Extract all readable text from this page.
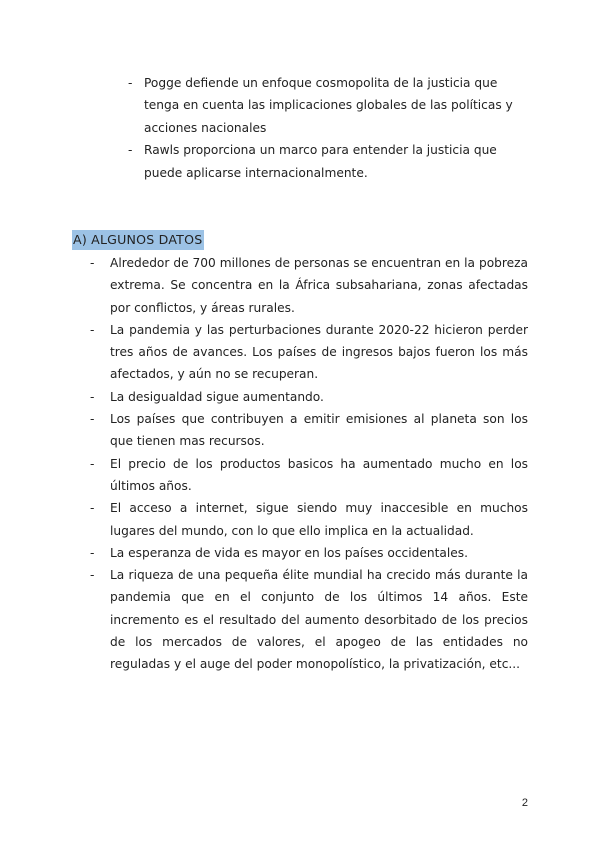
- Pogge defiende un enfoque cosmopolita de la justicia que tenga en cuenta las implicaciones globales de las políticas y acciones nacionales
- Rawls proporciona un marco para entender la justicia que puede aplicarse internacionalmente.
A) ALGUNOS DATOS
- Alrededor de 700 millones de personas se encuentran en la pobreza extrema. Se concentra en la África subsahariana, zonas afectadas por conflictos, y áreas rurales.
- La pandemia y las perturbaciones durante 2020-22 hicieron perder tres años de avances. Los países de ingresos bajos fueron los más afectados, y aún no se recuperan.
- La desigualdad sigue aumentando.
- Los países que contribuyen a emitir emisiones al planeta son los que tienen mas recursos.
- El precio de los productos basicos ha aumentado mucho en los últimos años.
- El acceso a internet, sigue siendo muy inaccesible en muchos lugares del mundo, con lo que ello implica en la actualidad.
- La esperanza de vida es mayor en los países occidentales.
- La riqueza de una pequeña élite mundial ha crecido más durante la pandemia que en el conjunto de los últimos 14 años. Este incremento es el resultado del aumento desorbitado de los precios de los mercados de valores, el apogeo de las entidades no reguladas y el auge del poder monopolístico, la privatización, etc...
2
